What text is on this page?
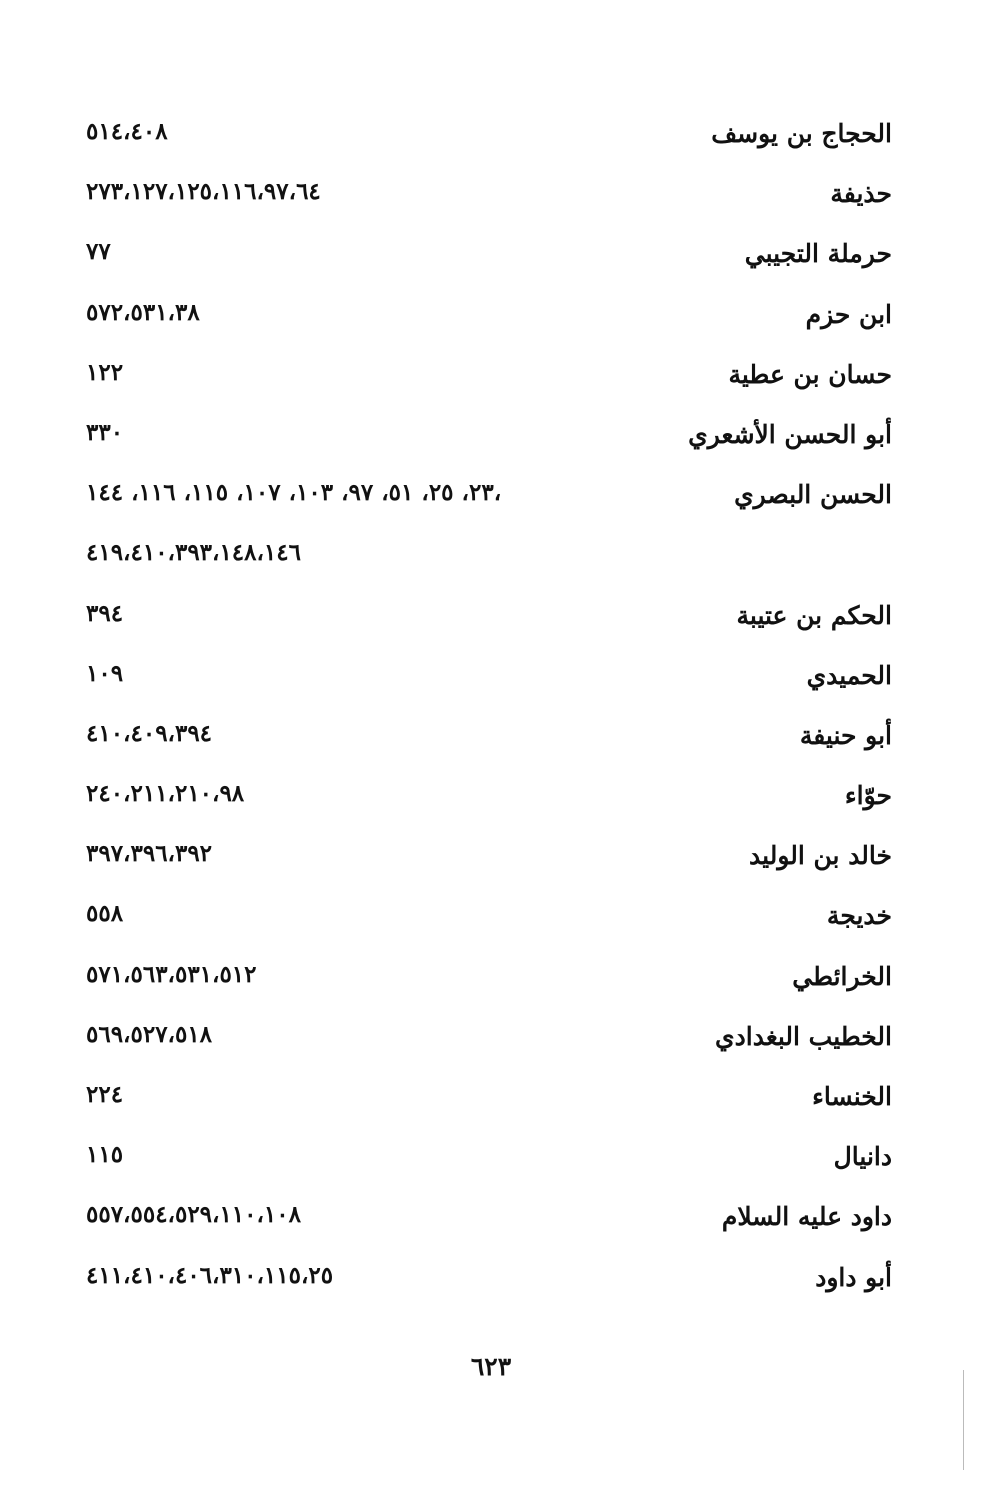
الحجاج بن يوسف
٥١٤،٤٠٨
حذيفة
٢٧٣،١٢٧،١٢٥،١١٦،٩٧،٦٤
حرملة التجيبي
٧٧
ابن حزم
٥٧٢،٥٣١،٣٨
حسان بن عطية
١٢٢
أبو الحسن الأشعري
٣٣٠
الحسن البصري
٢٣، ٢٥، ٥١، ٩٧، ١٠٣، ١٠٧، ١١٥، ١١٦، ١٤٤،
٤١٩،٤١٠،٣٩٣،١٤٨،١٤٦
الحكم بن عتيبة
٣٩٤
الحميدي
١٠٩
أبو حنيفة
٤١٠،٤٠٩،٣٩٤
حوّاء
٢٤٠،٢١١،٢١٠،٩٨
خالد بن الوليد
٣٩٧،٣٩٦،٣٩٢
خديجة
٥٥٨
الخرائطي
٥٧١،٥٦٣،٥٣١،٥١٢
الخطيب البغدادي
٥٦٩،٥٢٧،٥١٨
الخنساء
٢٢٤
دانيال
١١٥
داود عليه السلام
٥٥٧،٥٥٤،٥٢٩،١١٠،١٠٨
أبو داود
٤١١،٤١٠،٤٠٦،٣١٠،١١٥،٢٥
٦٢٣
